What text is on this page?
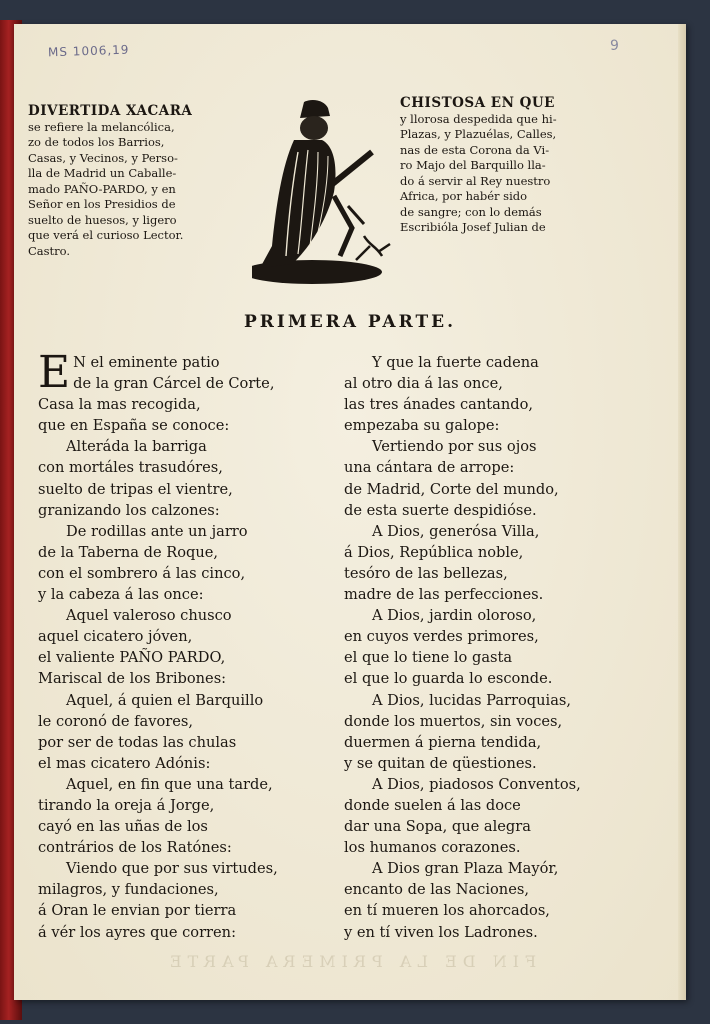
MS 1006,19	9
DIVERTIDA XACARA
se refiere la melancólica,
zo de todos los Barrios,
Casas, y Vecinos, y Perso-
lla de Madrid un Caballe-
mado PAÑO-PARDO, y en
Señor en los Presidios de
suelto de huesos, y ligero
que verá el curioso Lector.
Castro.
CHISTOSA EN QUE
y llorosa despedida que hi-
Plazas, y Plazuélas, Calles,
nas de esta Corona da Vi-
ro Majo del Barquillo lla-
do á servir al Rey nuestro
Africa, por habér sido
de sangre; con lo demás
Escribióla Josef Julian de
PRIMERA PARTE.
E N el eminente patio
de la gran Cárcel de Corte,
Casa la mas recogida,
que en España se conoce:
Alteráda la barriga
con mortáles trasudóres,
suelto de tripas el vientre,
granizando los calzones:
De rodillas ante un jarro
de la Taberna de Roque,
con el sombrero á las cinco,
y la cabeza á las once:
Aquel valeroso chusco
aquel cicatero jóven,
el valiente PAÑO PARDO,
Mariscal de los Bribones:
Aquel, á quien el Barquillo
le coronó de favores,
por ser de todas las chulas
el mas cicatero Adónis:
Aquel, en fin que una tarde,
tirando la oreja á Jorge,
cayó en las uñas de los
contrários de los Ratónes:
Viendo que por sus virtudes,
milagros, y fundaciones,
á Oran le envian por tierra
á vér los ayres que corren:
Y que la fuerte cadena
al otro dia á las once,
las tres ánades cantando,
empezaba su galope:
Vertiendo por sus ojos
una cántara de arrope:
de Madrid, Corte del mundo,
de esta suerte despidióse.
A Dios, generósa Villa,
á Dios, República noble,
tesóro de las bellezas,
madre de las perfecciones.
A Dios, jardin oloroso,
en cuyos verdes primores,
el que lo tiene lo gasta
el que lo guarda lo esconde.
A Dios, lucidas Parroquias,
donde los muertos, sin voces,
duermen á pierna tendida,
y se quitan de qüestiones.
A Dios, piadosos Conventos,
donde suelen á las doce
dar una Sopa, que alegra
los humanos corazones.
A Dios gran Plaza Mayór,
encanto de las Naciones,
en tí mueren los ahorcados,
y en tí viven los Ladrones.
FIN DE LA PRIMERA PARTE
